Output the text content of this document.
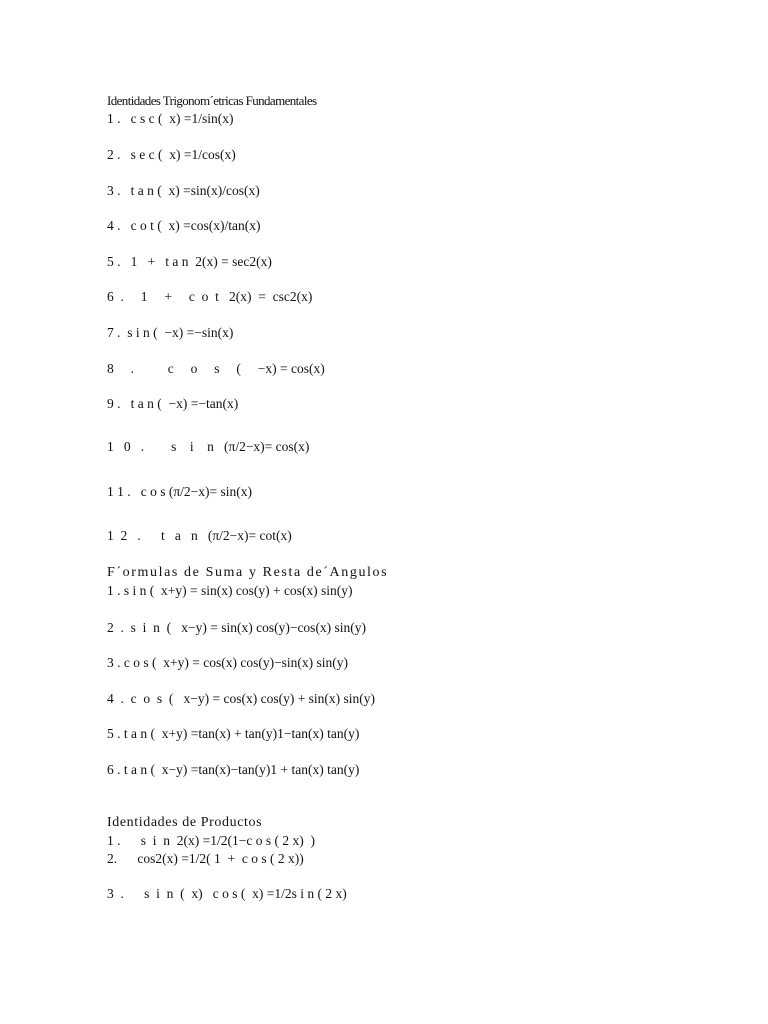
Identidades Trigonom´etricas Fundamentales
1 .   c s c (  x) =1/sin(x)
2 .   s e c (  x) =1/cos(x)
3 .   t a n (  x) =sin(x)/cos(x)
4 .   c o t (  x) =cos(x)/tan(x)
5 .   1   +   t a n  2(x) = sec2(x)
6  .     1     +     c  o  t   2(x)  =  csc2(x)
7 .  s i n (  −x) =−sin(x)
8     .          c     o     s     (     −x) = cos(x)
9 .   t a n (  −x) =−tan(x)
1   0   .        s    i    n   (π/2−x)= cos(x)
1 1 .   c o s (π/2−x)= sin(x)
1  2   .      t   a   n   (π/2−x)= cot(x)
F´ormulas de Suma y Resta de´Angulos
1 . s i n (  x+y) = sin(x) cos(y) + cos(x) sin(y)
2  .  s  i  n  (   x−y) = sin(x) cos(y)−cos(x) sin(y)
3 . c o s (  x+y) = cos(x) cos(y)−sin(x) sin(y)
4  .  c  o  s  (   x−y) = cos(x) cos(y) + sin(x) sin(y)
5 . t a n (  x+y) =tan(x) + tan(y)1−tan(x) tan(y)
6 . t a n (  x−y) =tan(x)−tan(y)1 + tan(x) tan(y)
Identidades de Productos
1 .      s  i  n  2(x) =1/2(1−c o s ( 2 x)  )
2.      cos2(x) =1/2( 1  +  c o s ( 2 x))
3  .      s  i  n  (  x)   c o s (  x) =1/2s i n ( 2 x)
